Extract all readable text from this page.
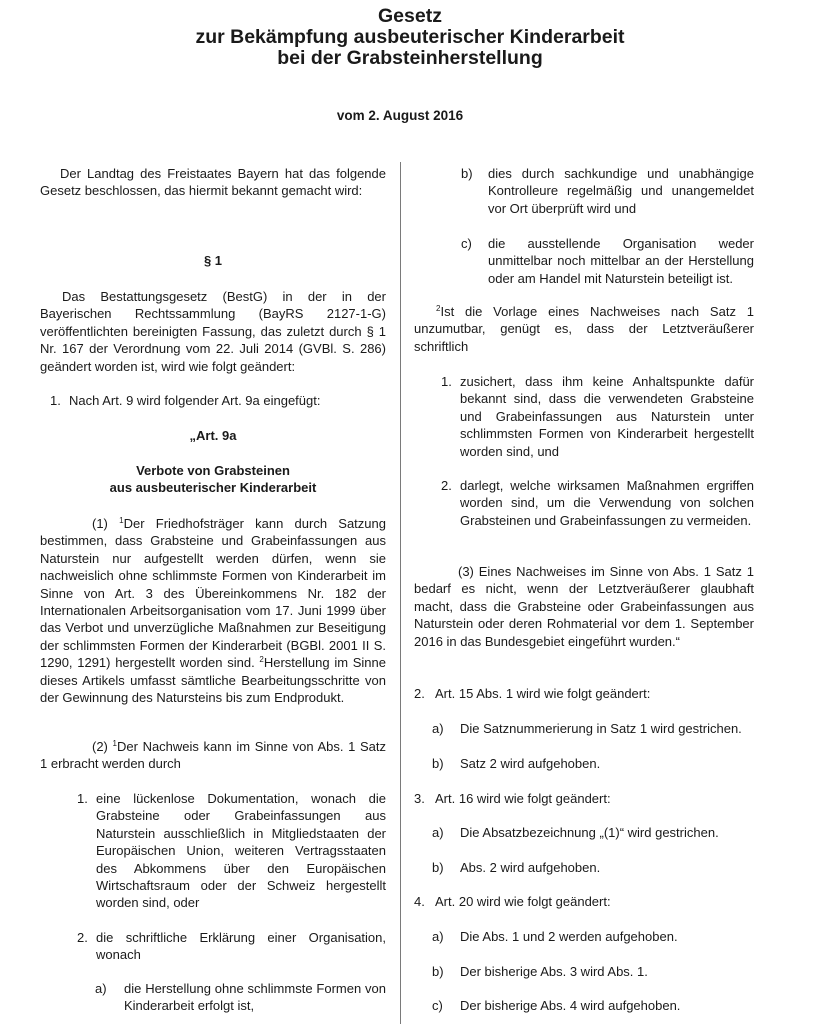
Gesetz
zur Bekämpfung ausbeuterischer Kinderarbeit
bei der Grabsteinherstellung
vom 2. August 2016
Der Landtag des Freistaates Bayern hat das folgende Gesetz beschlossen, das hiermit bekannt gemacht wird:
§ 1
Das Bestattungsgesetz (BestG) in der in der Bayerischen Rechtssammlung (BayRS 2127-1-G) veröffentlichten bereinigten Fassung, das zuletzt durch § 1 Nr. 167 der Verordnung vom 22. Juli 2014 (GVBl. S. 286) geändert worden ist, wird wie folgt geändert:
1. Nach Art. 9 wird folgender Art. 9a eingefügt:
„Art. 9a
Verbote von Grabsteinen
aus ausbeuterischer Kinderarbeit
(1) $^1$Der Friedhofsträger kann durch Satzung bestimmen, dass Grabsteine und Grabeinfassungen aus Naturstein nur aufgestellt werden dürfen, wenn sie nachweislich ohne schlimmste Formen von Kinderarbeit im Sinne von Art. 3 des Übereinkommens Nr. 182 der Internationalen Arbeitsorganisation vom 17. Juni 1999 über das Verbot und unverzügliche Maßnahmen zur Beseitigung der schlimmsten Formen der Kinderarbeit (BGBl. 2001 II S. 1290, 1291) hergestellt worden sind. $^2$Herstellung im Sinne dieses Artikels umfasst sämtliche Bearbeitungsschritte von der Gewinnung des Natursteins bis zum Endprodukt.
(2) $^1$Der Nachweis kann im Sinne von Abs. 1 Satz 1 erbracht werden durch
1. eine lückenlose Dokumentation, wonach die Grabsteine oder Grabeinfassungen aus Naturstein ausschließlich in Mitgliedstaaten der Europäischen Union, weiteren Vertragsstaaten des Abkommens über den Europäischen Wirtschaftsraum oder der Schweiz hergestellt worden sind, oder
2. die schriftliche Erklärung einer Organisation, wonach
a) die Herstellung ohne schlimmste Formen von Kinderarbeit erfolgt ist,
b) dies durch sachkundige und unabhängige Kontrolleure regelmäßig und unangemeldet vor Ort überprüft wird und
c) die ausstellende Organisation weder unmittelbar noch mittelbar an der Herstellung oder am Handel mit Naturstein beteiligt ist.
$^2$Ist die Vorlage eines Nachweises nach Satz 1 unzumutbar, genügt es, dass der Letztveräußerer schriftlich
1. zusichert, dass ihm keine Anhaltspunkte dafür bekannt sind, dass die verwendeten Grabsteine und Grabeinfassungen aus Naturstein unter schlimmsten Formen von Kinderarbeit hergestellt worden sind, und
2. darlegt, welche wirksamen Maßnahmen ergriffen worden sind, um die Verwendung von solchen Grabsteinen und Grabeinfassungen zu vermeiden.
(3) Eines Nachweises im Sinne von Abs. 1 Satz 1 bedarf es nicht, wenn der Letztveräußerer glaubhaft macht, dass die Grabsteine oder Grabeinfassungen aus Naturstein oder deren Rohmaterial vor dem 1. September 2016 in das Bundesgebiet eingeführt wurden.“
2. Art. 15 Abs. 1 wird wie folgt geändert:
a) Die Satznummerierung in Satz 1 wird gestrichen.
b) Satz 2 wird aufgehoben.
3. Art. 16 wird wie folgt geändert:
a) Die Absatzbezeichnung „(1)“ wird gestrichen.
b) Abs. 2 wird aufgehoben.
4. Art. 20 wird wie folgt geändert:
a) Die Abs. 1 und 2 werden aufgehoben.
b) Der bisherige Abs. 3 wird Abs. 1.
c) Der bisherige Abs. 4 wird aufgehoben.
